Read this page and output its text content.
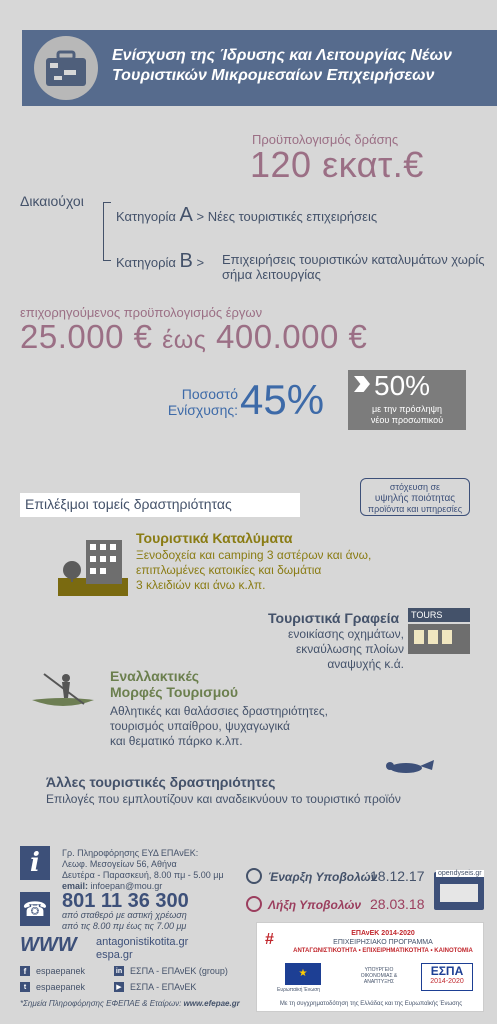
Ενίσχυση της Ίδρυσης και Λειτουργίας Νέων Τουριστικών Μικρομεσαίων Επιχειρήσεων
Προϋπολογισμός δράσης
120 εκατ.€
Δικαιούχοι
Κατηγορία Α > Νέες τουριστικές επιχειρήσεις
Κατηγορία Β > Επιχειρήσεις τουριστικών καταλυμάτων χωρίς σήμα λειτουργίας
επιχορηγούμενος προϋπολογισμός έργων
25.000 € έως 400.000 €
Ποσοστό
Ενίσχυσης: 45% 50%
με την πρόσληψη
νέου προσωπικού
Επιλέξιμοι τομείς δραστηριότητας
στόχευση σε
υψηλής ποιότητας
προϊόντα και υπηρεσίες
Τουριστικά Καταλύματα
Ξενοδοχεία και camping 3 αστέρων και άνω,
επιπλωμένες κατοικίες και δωμάτια
3 κλειδιών και άνω κ.λπ.
Τουριστικά Γραφεία
ενοικίασης οχημάτων,
εκναύλωσης πλοίων αναψυχής κ.ά.
TOURS
Εναλλακτικές
Μορφές Τουρισμού
Αθλητικές και θαλάσσιες δραστηριότητες,
τουρισμός υπαίθρου, ψυχαγωγικά
και θεματικό πάρκο κ.λπ.
Άλλες τουριστικές δραστηριότητες
Επιλογές που εμπλουτίζουν και αναδεικνύουν το τουριστικό προϊόν
i	Γρ. Πληροφόρησης ΕΥΔ ΕΠΑνΕΚ:
Λεωφ. Μεσογείων 56, Αθήνα
Δευτέρα - Παρασκευή, 8.00 πμ - 5.00 μμ
email: infoepan@mou.gr
☎ 801 11 36 300
από σταθερό με αστική χρέωση
από τις 8.00 πμ έως τις 7.00 μμ
WWW antagonistikotita.gr
espa.gr
f	espaepanek	in ΕΣΠΑ - ΕΠΑνΕΚ (group)
t	espaepanek	▶ ΕΣΠΑ - ΕΠΑνΕΚ
*Σημεία Πληροφόρησης ΕΦΕΠΑΕ & Εταίρων: www.efepae.gr
Έναρξη Υποβολών
18.12.17
Λήξη Υποβολών 28.03.18
opendyseis.gr
#	ΕΠΑνΕΚ 2014-2020
ΕΠΙΧΕΙΡΗΣΙΑΚΟ ΠΡΟΓΡΑΜΜΑ
ΑΝΤΑΓΩΝΙΣΤΙΚΟΤΗΤΑ • ΕΠΙΧΕΙΡΗΜΑΤΙΚΟΤΗΤΑ • ΚΑΙΝΟΤΟΜΙΑ
★
Ευρωπαϊκή Ένωση
ΥΠΟΥΡΓΕΙΟ ΟΙΚΟΝΟΜΙΑΣ & ΑΝΑΠΤΥΞΗΣ
ΕΣΠΑ
2014-2020
Με τη συγχρηματοδότηση της Ελλάδας και της Ευρωπαϊκής Ένωσης
